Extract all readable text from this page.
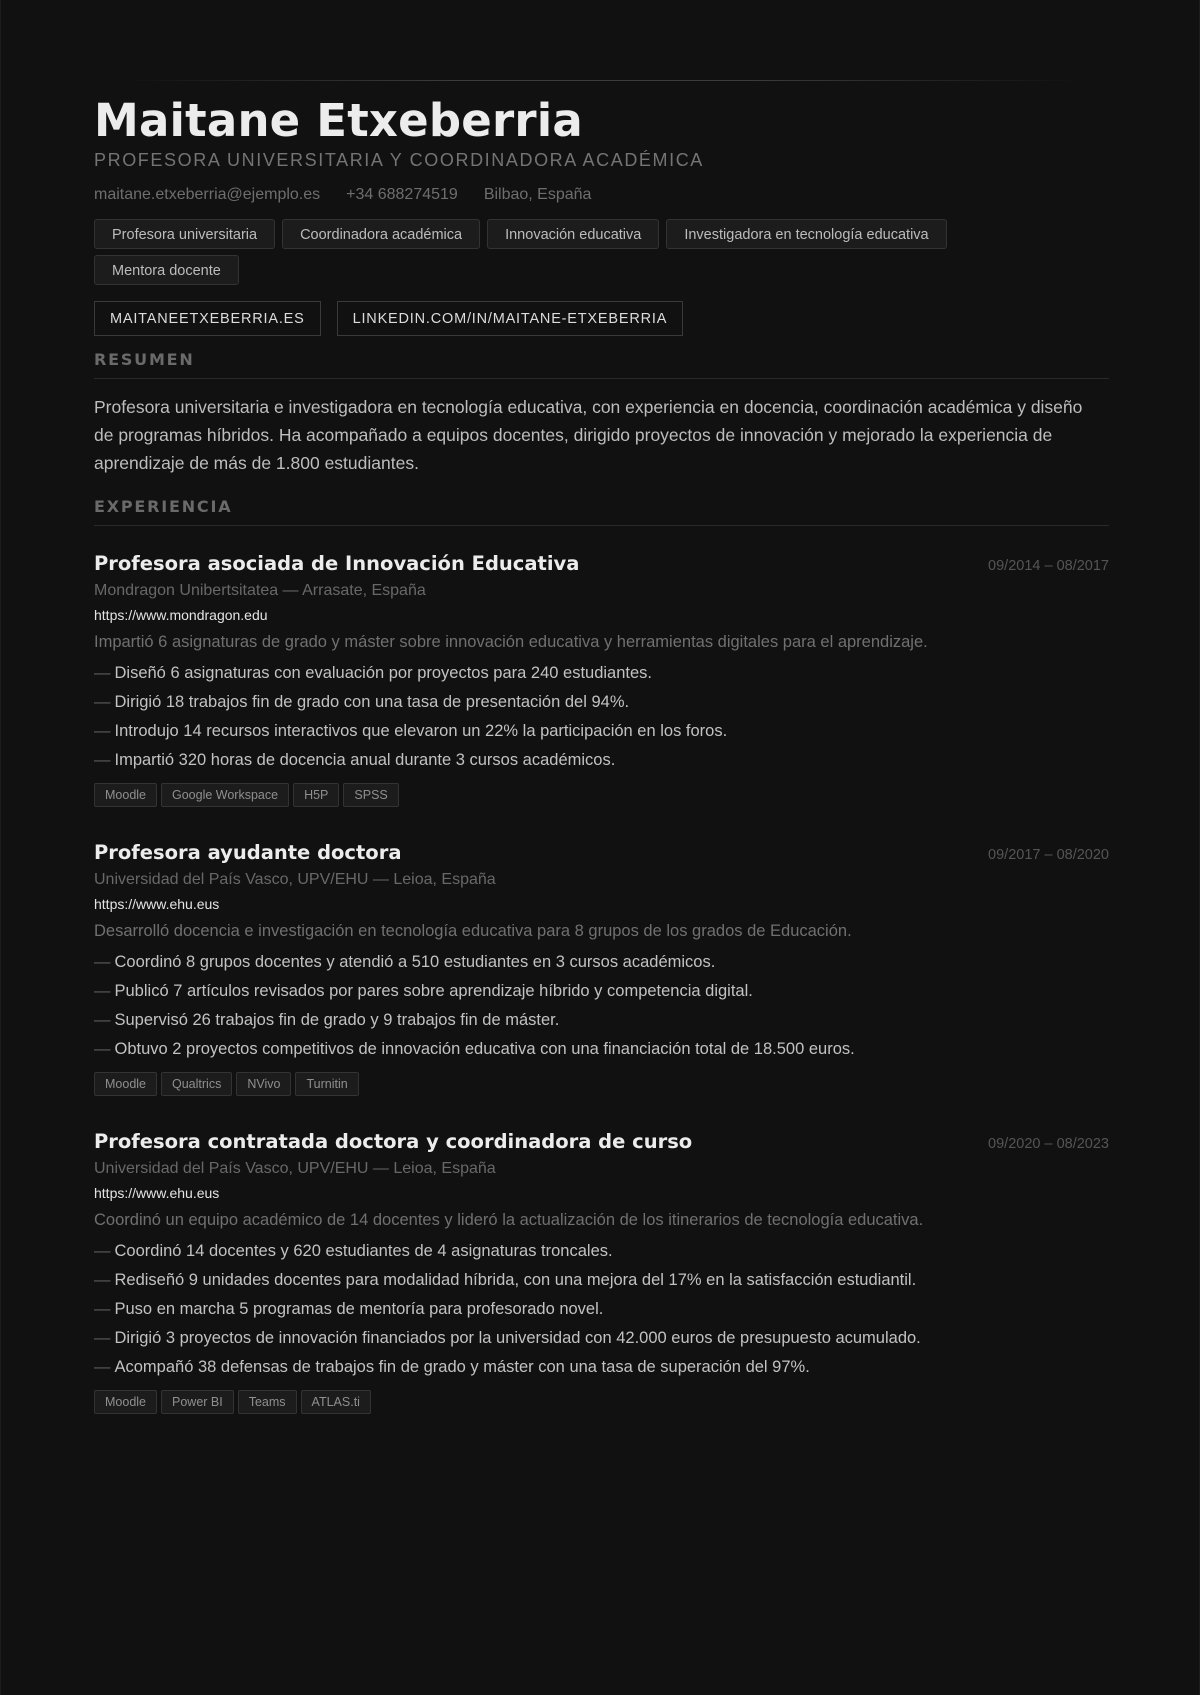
Maitane Etxeberria
PROFESORA UNIVERSITARIA Y COORDINADORA ACADÉMICA
maitane.etxeberria@ejemplo.es +34 688274519 Bilbao, España
Profesora universitaria	Coordinadora académica	Innovación educativa	Investigadora en tecnología educativa
Mentora docente
MAITANEETXEBERRIA.ES	LINKEDIN.COM/IN/MAITANE-ETXEBERRIA
RESUMEN
Profesora universitaria e investigadora en tecnología educativa, con experiencia en docencia, coordinación académica y diseño de programas híbridos. Ha acompañado a equipos docentes, dirigido proyectos de innovación y mejorado la experiencia de aprendizaje de más de 1.800 estudiantes.
EXPERIENCIA
Profesora asociada de Innovación Educativa	09/2014 – 08/2017
Mondragon Unibertsitatea — Arrasate, España
https://www.mondragon.edu
Impartió 6 asignaturas de grado y máster sobre innovación educativa y herramientas digitales para el aprendizaje.
— Diseñó 6 asignaturas con evaluación por proyectos para 240 estudiantes.
— Dirigió 18 trabajos fin de grado con una tasa de presentación del 94%.
— Introdujo 14 recursos interactivos que elevaron un 22% la participación en los foros.
— Impartió 320 horas de docencia anual durante 3 cursos académicos.
Moodle	Google Workspace	H5P	SPSS
Profesora ayudante doctora	09/2017 – 08/2020
Universidad del País Vasco, UPV/EHU — Leioa, España
https://www.ehu.eus
Desarrolló docencia e investigación en tecnología educativa para 8 grupos de los grados de Educación.
— Coordinó 8 grupos docentes y atendió a 510 estudiantes en 3 cursos académicos.
— Publicó 7 artículos revisados por pares sobre aprendizaje híbrido y competencia digital.
— Supervisó 26 trabajos fin de grado y 9 trabajos fin de máster.
— Obtuvo 2 proyectos competitivos de innovación educativa con una financiación total de 18.500 euros.
Moodle	Qualtrics	NVivo	Turnitin
Profesora contratada doctora y coordinadora de curso	09/2020 – 08/2023
Universidad del País Vasco, UPV/EHU — Leioa, España
https://www.ehu.eus
Coordinó un equipo académico de 14 docentes y lideró la actualización de los itinerarios de tecnología educativa.
— Coordinó 14 docentes y 620 estudiantes de 4 asignaturas troncales.
— Rediseñó 9 unidades docentes para modalidad híbrida, con una mejora del 17% en la satisfacción estudiantil.
— Puso en marcha 5 programas de mentoría para profesorado novel.
— Dirigió 3 proyectos de innovación financiados por la universidad con 42.000 euros de presupuesto acumulado.
— Acompañó 38 defensas de trabajos fin de grado y máster con una tasa de superación del 97%.
Moodle	Power BI	Teams	ATLAS.ti
